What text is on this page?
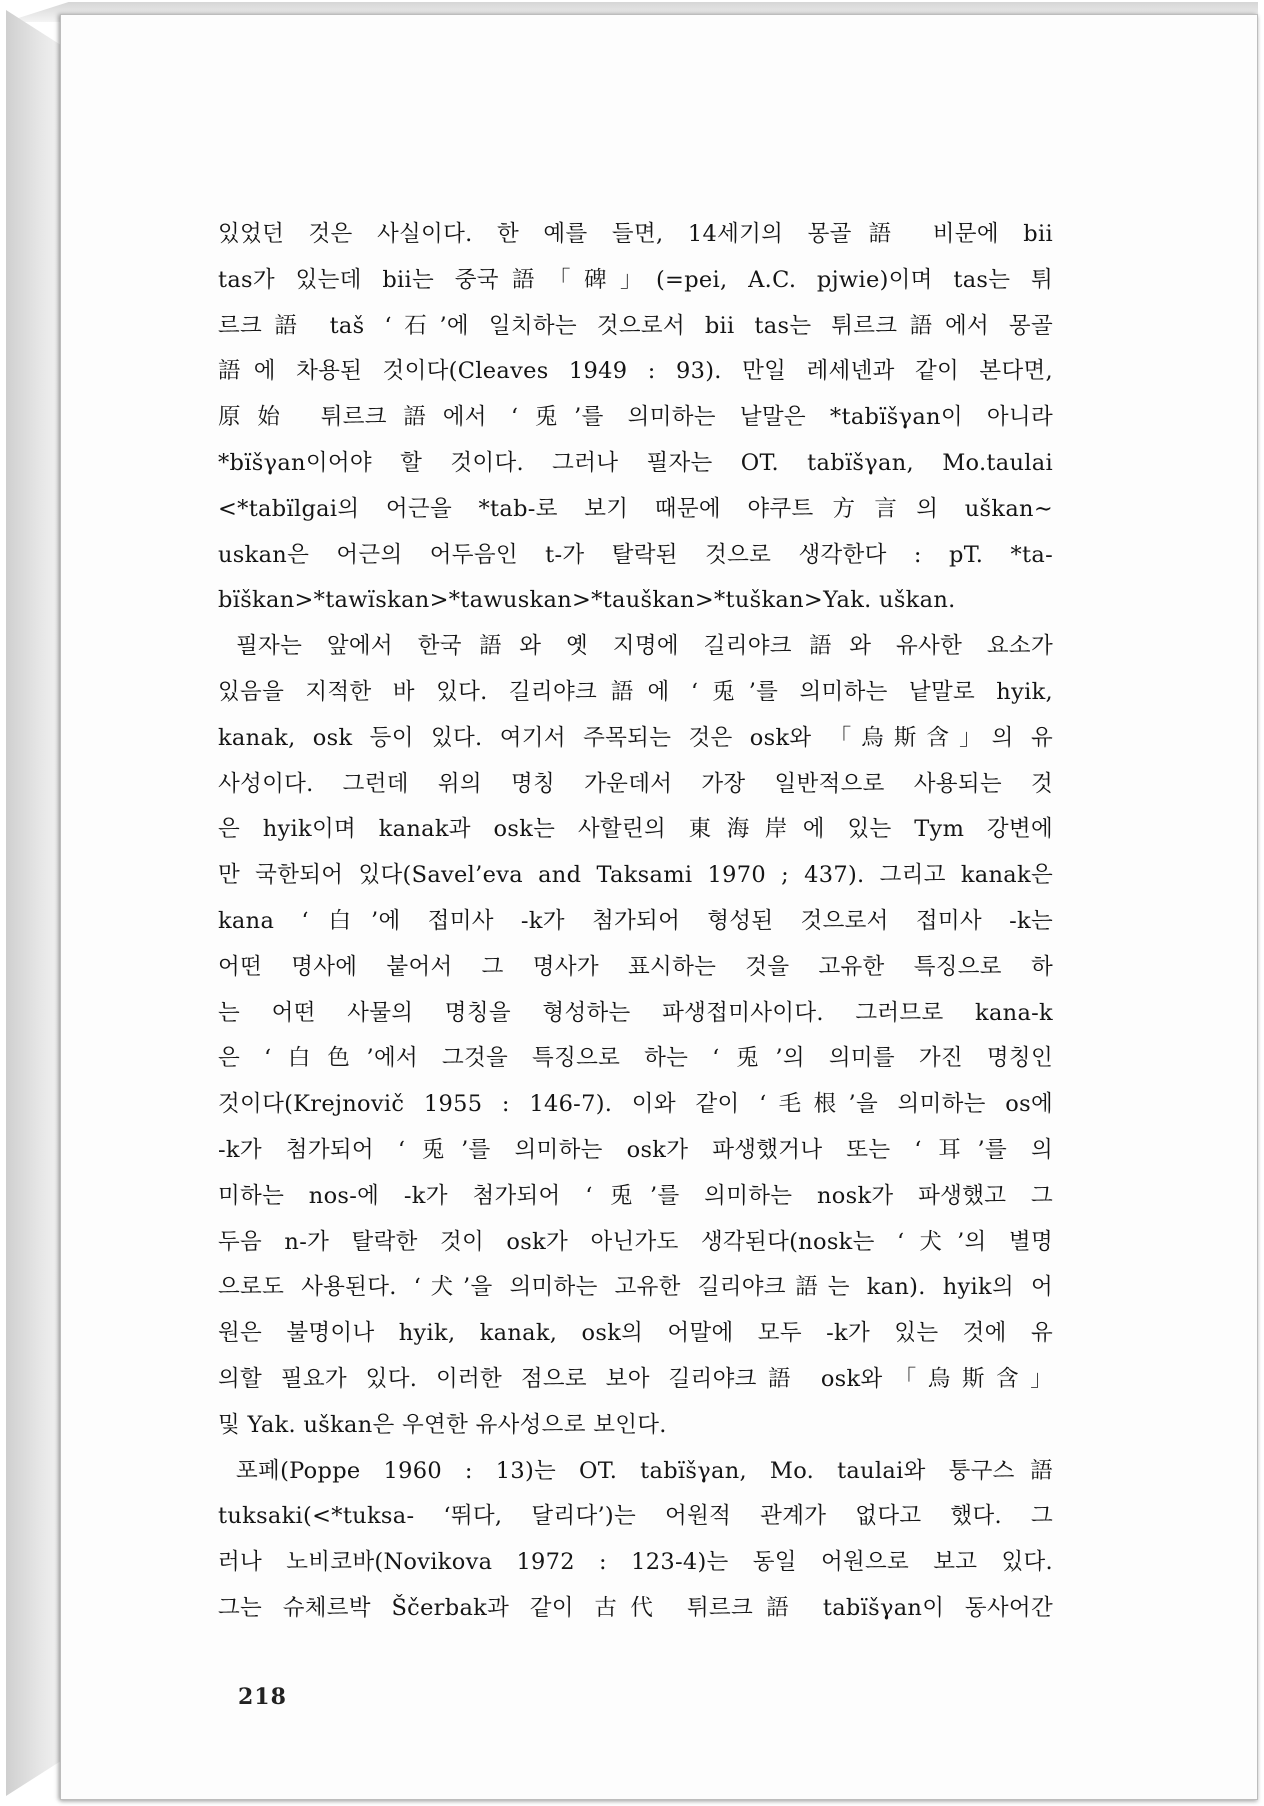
있었던 것은 사실이다. 한 예를 들면, 14세기의 몽골語 비문에 bii
tas가 있는데 bii는 중국語「碑」(=pei, A.C. pjwie)이며 tas는 튀
르크語 taš ‘石’에 일치하는 것으로서 bii tas는 튀르크語에서 몽골
語에 차용된 것이다(Cleaves 1949 : 93). 만일 레세넨과 같이 본다면,
原始 튀르크語에서 ‘兎’를 의미하는 낱말은 *tabïšγan이 아니라
*bïšγan이어야 할 것이다. 그러나 필자는 OT. tabïšγan, Mo.taulai
<*tabïlgai의 어근을 *tab-로 보기 때문에 야쿠트方言의 uškan∼
uskan은 어근의 어두음인 t-가 탈락된 것으로 생각한다 : pT. *ta-
bïškan>*tawïskan>*tawuskan>*tauškan>*tuškan>Yak. uškan.
필자는 앞에서 한국語와 옛 지명에 길리야크語와 유사한 요소가
있음을 지적한 바 있다. 길리야크語에 ‘兎’를 의미하는 낱말로 hyik,
kanak, osk 등이 있다. 여기서 주목되는 것은 osk와 「烏斯含」의 유
사성이다. 그런데 위의 명칭 가운데서 가장 일반적으로 사용되는 것
은 hyik이며 kanak과 osk는 사할린의 東海岸에 있는 Tym 강변에
만 국한되어 있다(Savel’eva and Taksami 1970 ; 437). 그리고 kanak은
kana ‘白’에 접미사 -k가 첨가되어 형성된 것으로서 접미사 -k는
어떤 명사에 붙어서 그 명사가 표시하는 것을 고유한 특징으로 하
는 어떤 사물의 명칭을 형성하는 파생접미사이다. 그러므로 kana-k
은 ‘白色’에서 그것을 특징으로 하는 ‘兎’의 의미를 가진 명칭인
것이다(Krejnovič 1955 : 146-7). 이와 같이 ‘毛根’을 의미하는 os에
-k가 첨가되어 ‘兎’를 의미하는 osk가 파생했거나 또는 ‘耳’를 의
미하는 nos-에 -k가 첨가되어 ‘兎’를 의미하는 nosk가 파생했고 그
두음 n-가 탈락한 것이 osk가 아닌가도 생각된다(nosk는 ‘犬’의 별명
으로도 사용된다. ‘犬’을 의미하는 고유한 길리야크語는 kan). hyik의 어
원은 불명이나 hyik, kanak, osk의 어말에 모두 -k가 있는 것에 유
의할 필요가 있다. 이러한 점으로 보아 길리야크語 osk와「烏斯含」
및 Yak. uškan은 우연한 유사성으로 보인다.
포페(Poppe 1960 : 13)는 OT. tabïšγan, Mo. taulai와 퉁구스語
tuksaki(<*tuksa- ‘뛰다, 달리다’)는 어원적 관계가 없다고 했다. 그
러나 노비코바(Novikova 1972 : 123-4)는 동일 어원으로 보고 있다.
그는 슈체르박 Ščerbak과 같이 古代 튀르크語 tabïšγan이 동사어간
218
